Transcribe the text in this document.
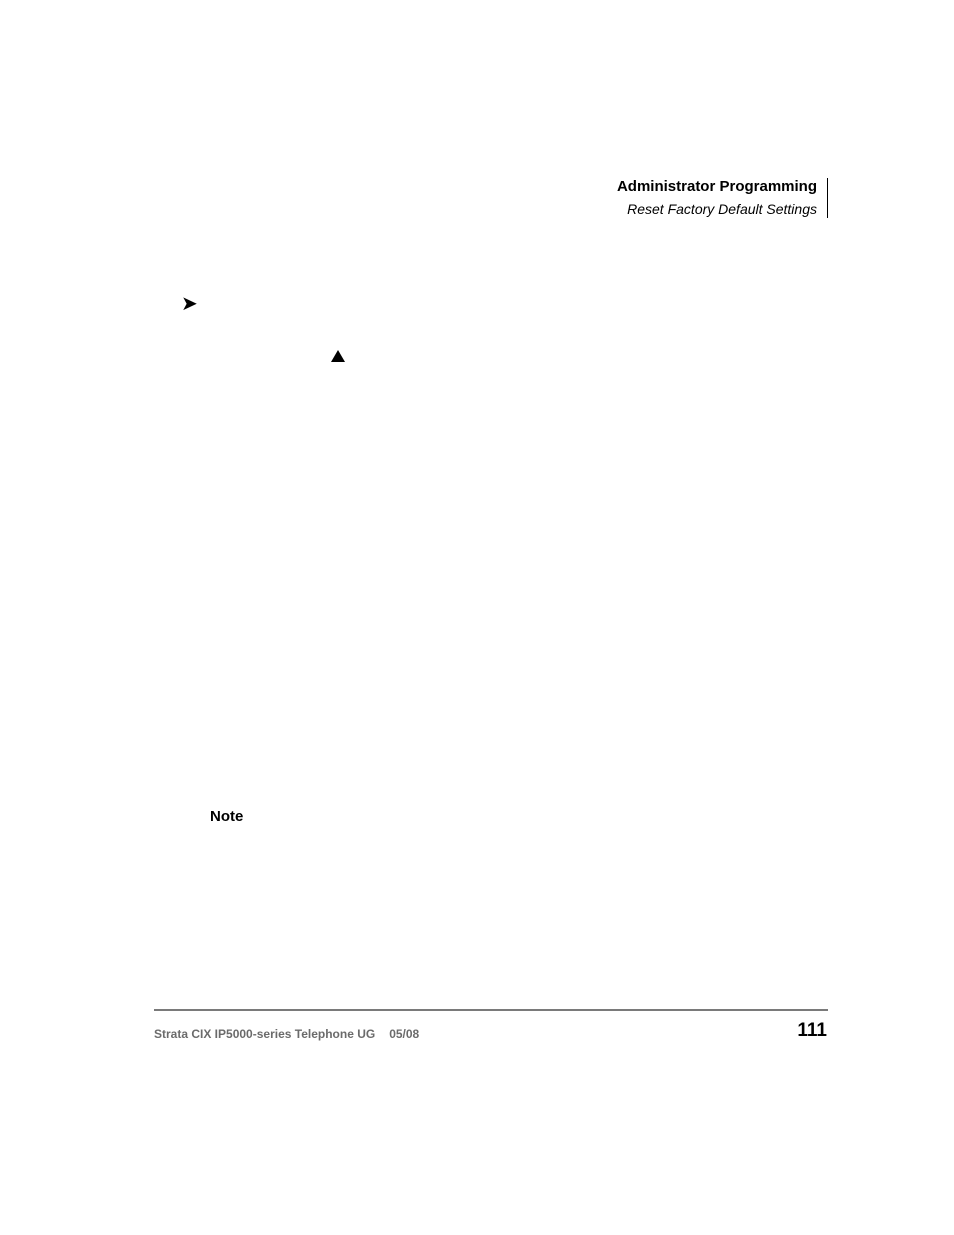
Administrator Programming
Reset Factory Default Settings
➤
Note
Strata CIX IP5000-series Telephone UG 05/08	111
